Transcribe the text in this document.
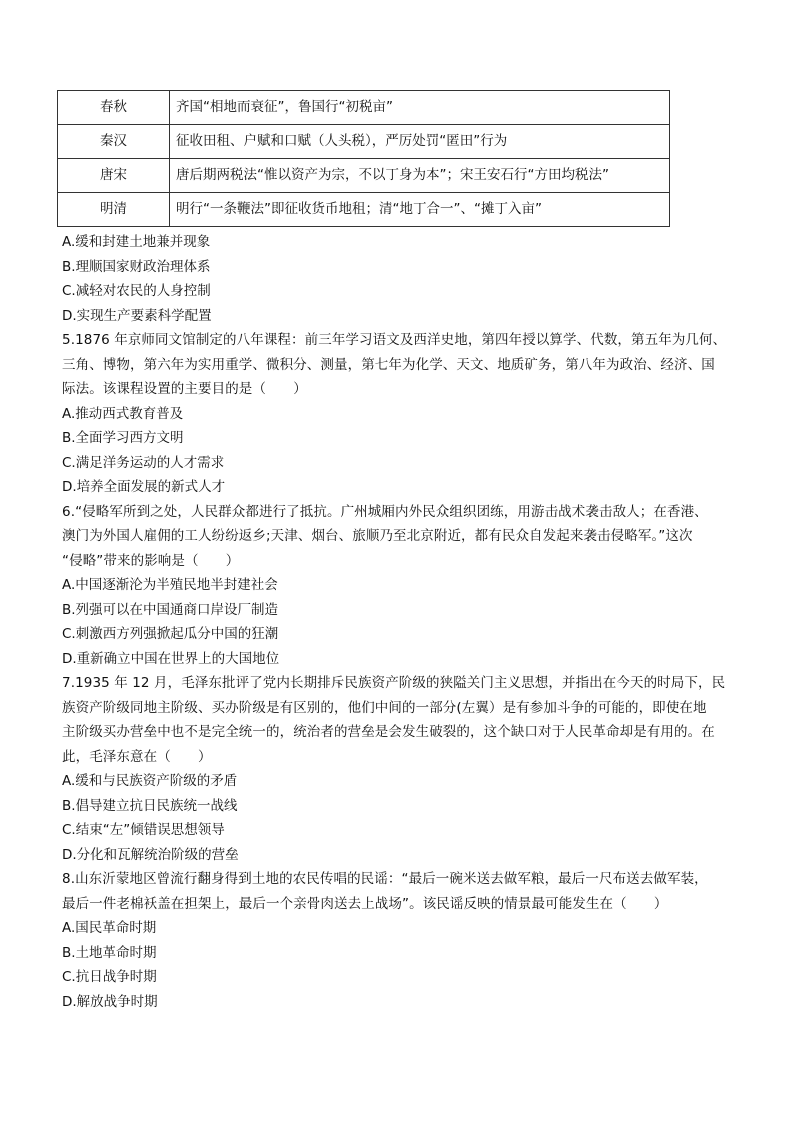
春秋	齐国“相地而衰征”，鲁国行“初税亩”
秦汉	征收田租、户赋和口赋（人头税），严厉处罚“匿田”行为
唐宋	唐后期两税法“惟以资产为宗，不以丁身为本”；宋王安石行“方田均税法”
明清	明行“一条鞭法”即征收货币地租；清“地丁合一”、“摊丁入亩”
A.缓和封建土地兼并现象
B.理顺国家财政治理体系
C.减轻对农民的人身控制
D.实现生产要素科学配置
5.1876 年京师同文馆制定的八年课程：前三年学习语文及西洋史地，第四年授以算学、代数，第五年为几何、
三角、博物，第六年为实用重学、微积分、测量，第七年为化学、天文、地质矿务，第八年为政治、经济、国
际法。该课程设置的主要目的是（　　）
A.推动西式教育普及
B.全面学习西方文明
C.满足洋务运动的人才需求
D.培养全面发展的新式人才
6.“侵略军所到之处，人民群众都进行了抵抗。广州城厢内外民众组织团练，用游击战术袭击敌人；在香港、
澳门为外国人雇佣的工人纷纷返乡;天津、烟台、旅顺乃至北京附近，都有民众自发起来袭击侵略军。”这次
“侵略”带来的影响是（　　）
A.中国逐渐沦为半殖民地半封建社会
B.列强可以在中国通商口岸设厂制造
C.刺激西方列强掀起瓜分中国的狂潮
D.重新确立中国在世界上的大国地位
7.1935 年 12 月，毛泽东批评了党内长期排斥民族资产阶级的狭隘关门主义思想，并指出在今天的时局下，民
族资产阶级同地主阶级、买办阶级是有区别的，他们中间的一部分(左翼）是有参加斗争的可能的，即使在地
主阶级买办营垒中也不是完全统一的，统治者的营垒是会发生破裂的，这个缺口对于人民革命却是有用的。在
此，毛泽东意在（　　）
A.缓和与民族资产阶级的矛盾
B.倡导建立抗日民族统一战线
C.结束“左”倾错误思想领导
D.分化和瓦解统治阶级的营垒
8.山东沂蒙地区曾流行翻身得到土地的农民传唱的民谣：“最后一碗米送去做军粮，最后一尺布送去做军装，
最后一件老棉袄盖在担架上，最后一个亲骨肉送去上战场”。该民谣反映的情景最可能发生在（　　）
A.国民革命时期
B.土地革命时期
C.抗日战争时期
D.解放战争时期
